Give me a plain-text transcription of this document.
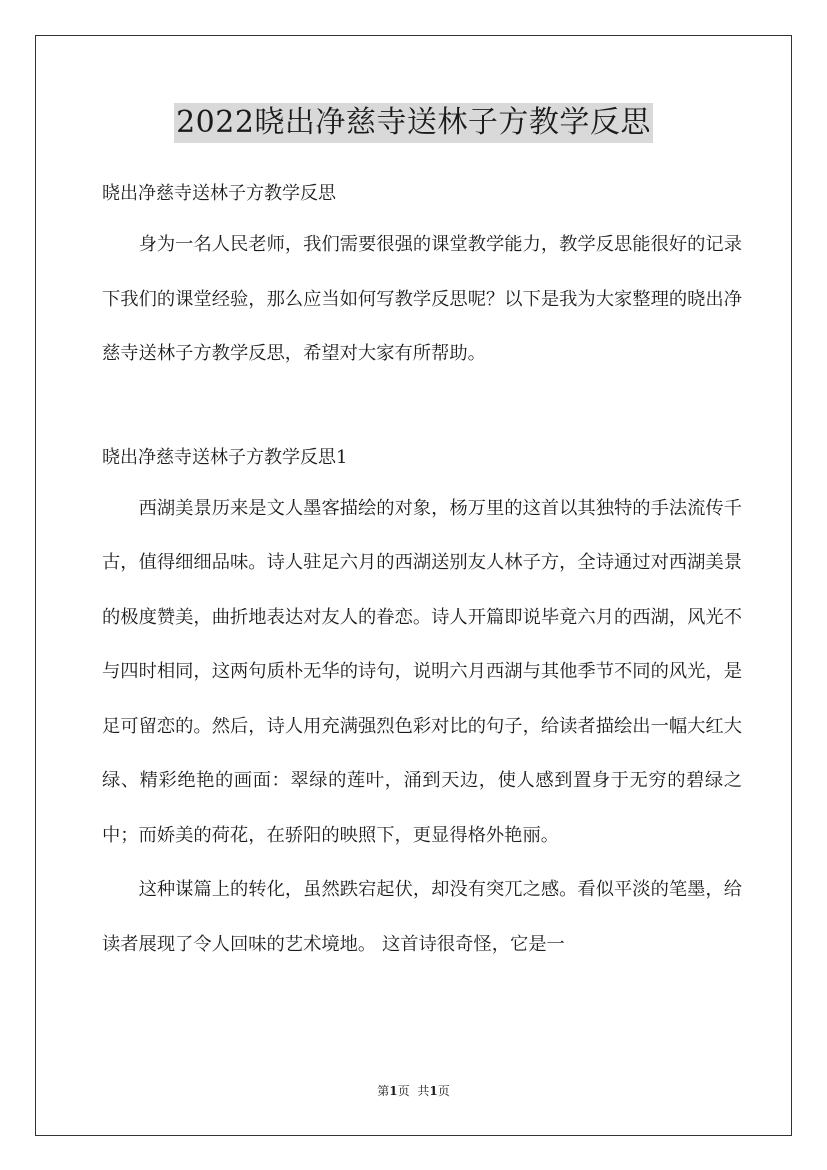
2022晓出净慈寺送林子方教学反思
晓出净慈寺送林子方教学反思

身为一名人民老师，我们需要很强的课堂教学能力，教学反思能很好的记录下我们的课堂经验，那么应当如何写教学反思呢？以下是我为大家整理的晓出净慈寺送林子方教学反思，希望对大家有所帮助。

晓出净慈寺送林子方教学反思1

西湖美景历来是文人墨客描绘的对象，杨万里的这首以其独特的手法流传千古，值得细细品味。诗人驻足六月的西湖送别友人林子方，全诗通过对西湖美景的极度赞美，曲折地表达对友人的眷恋。诗人开篇即说毕竟六月的西湖，风光不与四时相同，这两句质朴无华的诗句，说明六月西湖与其他季节不同的风光，是足可留恋的。然后，诗人用充满强烈色彩对比的句子，给读者描绘出一幅大红大绿、精彩绝艳的画面：翠绿的莲叶，涌到天边，使人感到置身于无穷的碧绿之中；而娇美的荷花，在骄阳的映照下，更显得格外艳丽。

这种谋篇上的转化，虽然跌宕起伏，却没有突兀之感。看似平淡的笔墨，给读者展现了令人回味的艺术境地。 这首诗很奇怪，它是一

第1页 共1页
